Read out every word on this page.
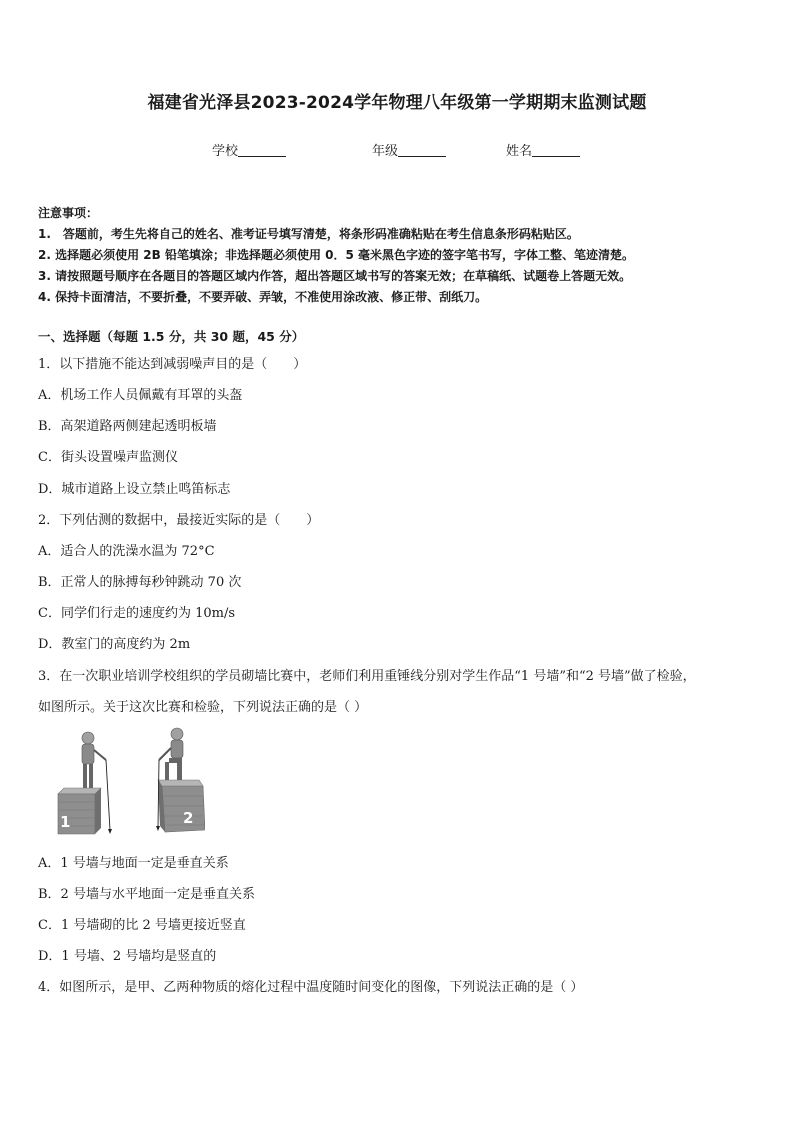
福建省光泽县2023-2024学年物理八年级第一学期期末监测试题
学校	年级	姓名
注意事项：
1.　答题前，考生先将自己的姓名、准考证号填写清楚，将条形码准确粘贴在考生信息条形码粘贴区。
2. 选择题必须使用 2B 铅笔填涂；非选择题必须使用 0．5 毫米黑色字迹的签字笔书写，字体工整、笔迹清楚。
3. 请按照题号顺序在各题目的答题区域内作答，超出答题区域书写的答案无效；在草稿纸、试题卷上答题无效。
4. 保持卡面清洁，不要折叠，不要弄破、弄皱，不准使用涂改液、修正带、刮纸刀。
一、选择题（每题 1.5 分，共 30 题，45 分）
1．以下措施不能达到减弱噪声目的是（　　）
A．机场工作人员佩戴有耳罩的头盔
B．高架道路两侧建起透明板墙
C．街头设置噪声监测仪
D．城市道路上设立禁止鸣笛标志
2．下列估测的数据中，最接近实际的是（　　）
A．适合人的洗澡水温为 72°C
B．正常人的脉搏每秒钟跳动 70 次
C．同学们行走的速度约为 10m/s
D．教室门的高度约为 2m
3．在一次职业培训学校组织的学员砌墙比赛中，老师们利用重锤线分别对学生作品“1 号墙”和“2 号墙”做了检验，
如图所示。关于这次比赛和检验，下列说法正确的是（ ）
1	2
A．1 号墙与地面一定是垂直关系
B．2 号墙与水平地面一定是垂直关系
C．1 号墙砌的比 2 号墙更接近竖直
D．1 号墙、2 号墙均是竖直的
4．如图所示，是甲、乙两种物质的熔化过程中温度随时间变化的图像，下列说法正确的是（ ）
